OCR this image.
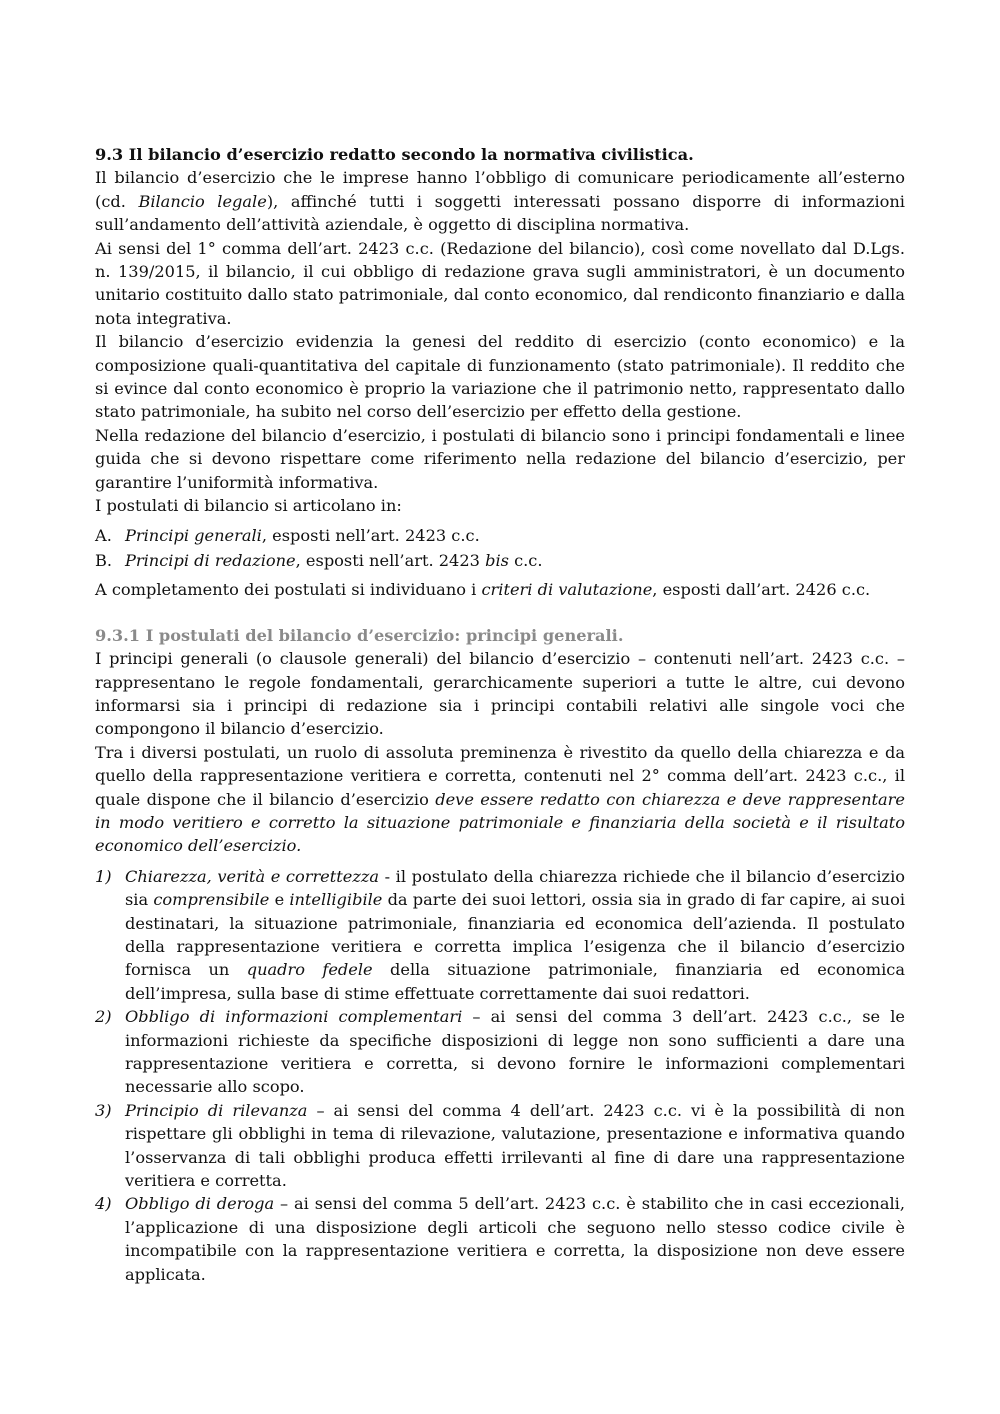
9.3 Il bilancio d’esercizio redatto secondo la normativa civilistica.

Il bilancio d’esercizio che le imprese hanno l’obbligo di comunicare periodicamente all’esterno (cd. Bilancio legale), affinché tutti i soggetti interessati possano disporre di informazioni sull’andamento dell’attività aziendale, è oggetto di disciplina normativa.

Ai sensi del 1° comma dell’art. 2423 c.c. (Redazione del bilancio), così come novellato dal D.Lgs. n. 139/2015, il bilancio, il cui obbligo di redazione grava sugli amministratori, è un documento unitario costituito dallo stato patrimoniale, dal conto economico, dal rendiconto finanziario e dalla nota integrativa.

Il bilancio d’esercizio evidenzia la genesi del reddito di esercizio (conto economico) e la composizione quali-quantitativa del capitale di funzionamento (stato patrimoniale). Il reddito che si evince dal conto economico è proprio la variazione che il patrimonio netto, rappresentato dallo stato patrimoniale, ha subito nel corso dell’esercizio per effetto della gestione.

Nella redazione del bilancio d’esercizio, i postulati di bilancio sono i principi fondamentali e linee guida che si devono rispettare come riferimento nella redazione del bilancio d’esercizio, per garantire l’uniformità informativa.

I postulati di bilancio si articolano in:

A. Principi generali, esposti nell’art. 2423 c.c.
B. Principi di redazione, esposti nell’art. 2423 bis c.c.

A completamento dei postulati si individuano i criteri di valutazione, esposti dall’art. 2426 c.c.

9.3.1 I postulati del bilancio d’esercizio: principi generali.

I principi generali (o clausole generali) del bilancio d’esercizio – contenuti nell’art. 2423 c.c. – rappresentano le regole fondamentali, gerarchicamente superiori a tutte le altre, cui devono informarsi sia i principi di redazione sia i principi contabili relativi alle singole voci che compongono il bilancio d’esercizio.

Tra i diversi postulati, un ruolo di assoluta preminenza è rivestito da quello della chiarezza e da quello della rappresentazione veritiera e corretta, contenuti nel 2° comma dell’art. 2423 c.c., il quale dispone che il bilancio d’esercizio deve essere redatto con chiarezza e deve rappresentare in modo veritiero e corretto la situazione patrimoniale e finanziaria della società e il risultato economico dell’esercizio.

1) Chiarezza, verità e correttezza - il postulato della chiarezza richiede che il bilancio d’esercizio sia comprensibile e intelligibile da parte dei suoi lettori, ossia sia in grado di far capire, ai suoi destinatari, la situazione patrimoniale, finanziaria ed economica dell’azienda. Il postulato della rappresentazione veritiera e corretta implica l’esigenza che il bilancio d’esercizio fornisca un quadro fedele della situazione patrimoniale, finanziaria ed economica dell’impresa, sulla base di stime effettuate correttamente dai suoi redattori.
2) Obbligo di informazioni complementari – ai sensi del comma 3 dell’art. 2423 c.c., se le informazioni richieste da specifiche disposizioni di legge non sono sufficienti a dare una rappresentazione veritiera e corretta, si devono fornire le informazioni complementari necessarie allo scopo.
3) Principio di rilevanza – ai sensi del comma 4 dell’art. 2423 c.c. vi è la possibilità di non rispettare gli obblighi in tema di rilevazione, valutazione, presentazione e informativa quando l’osservanza di tali obblighi produca effetti irrilevanti al fine di dare una rappresentazione veritiera e corretta.
4) Obbligo di deroga – ai sensi del comma 5 dell’art. 2423 c.c. è stabilito che in casi eccezionali, l’applicazione di una disposizione degli articoli che seguono nello stesso codice civile è incompatibile con la rappresentazione veritiera e corretta, la disposizione non deve essere applicata.
